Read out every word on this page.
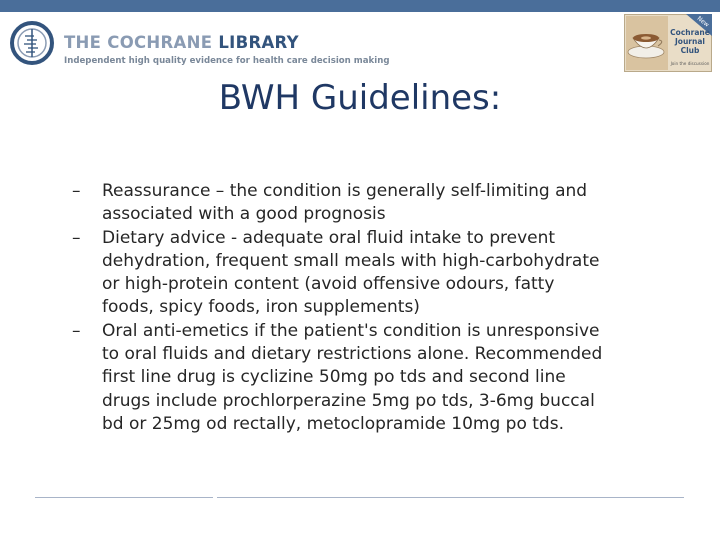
THE COCHRANE LIBRARY
Independent high quality evidence for health care decision making
New
Cochrane
Journal
Club
Join the discussion
BWH Guidelines:
– Reassurance – the condition is generally self-limiting and
associated with a good prognosis
– Dietary advice - adequate oral fluid intake to prevent
dehydration, frequent small meals with high-carbohydrate
or high-protein content (avoid offensive odours, fatty
foods, spicy foods, iron supplements)
– Oral anti-emetics if the patient's condition is unresponsive
to oral fluids and dietary restrictions alone. Recommended
first line drug is cyclizine 50mg po tds and second line
drugs include prochlorperazine 5mg po tds, 3-6mg buccal
bd or 25mg od rectally, metoclopramide 10mg po tds.
